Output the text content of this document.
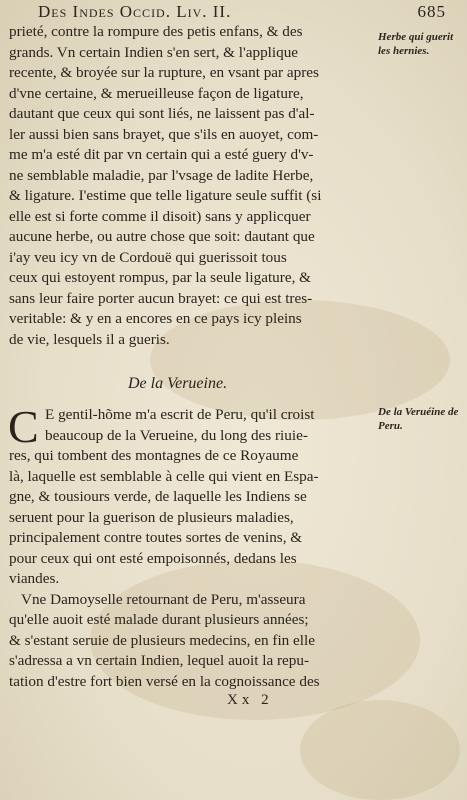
Des Indes Occid. Liv. II.	685
prieté, contre la rompure des petis enfans, & des
grands. Vn certain Indien s'en sert, & l'applique
recente, & broyée sur la rupture, en vsant par apres
d'vne certaine, & merueilleuse façon de ligature,
dautant que ceux qui sont liés, ne laissent pas d'al-
ler aussi bien sans brayet, que s'ils en auoyet, com-
me m'a esté dit par vn certain qui a esté guery d'v-
ne semblable maladie, par l'vsage de ladite Herbe,
& ligature. I'estime que telle ligature seule suffit (si
elle est si forte comme il disoit) sans y applicquer
aucune herbe, ou autre chose que soit: dautant que
i'ay veu icy vn de Cordouë qui guerissoit tous
ceux qui estoyent rompus, par la seule ligature, &
sans leur faire porter aucun brayet: ce qui est tres-
veritable: & y en a encores en ce pays icy pleins
de vie, lesquels il a gueris.
Herbe qui guerit les hernies.
De la Verueine.
C E gentil-hõme m'a escrit de Peru, qu'il croist
beaucoup de la Verueine, du long des riuie-
res, qui tombent des montagnes de ce Royaume
là, laquelle est semblable à celle qui vient en Espa-
gne, & tousiours verde, de laquelle les Indiens se
seruent pour la guerison de plusieurs maladies,
principalement contre toutes sortes de venins, &
pour ceux qui ont esté empoisonnés, dedans les
viandes.
Vne Damoyselle retournant de Peru, m'asseura
qu'elle auoit esté malade durant plusieurs années;
& s'estant seruie de plusieurs medecins, en fin elle
s'adressa a vn certain Indien, lequel auoit la repu-
tation d'estre fort bien versé en la cognoissance des
De la Veruéine de Peru.
Xx 2
